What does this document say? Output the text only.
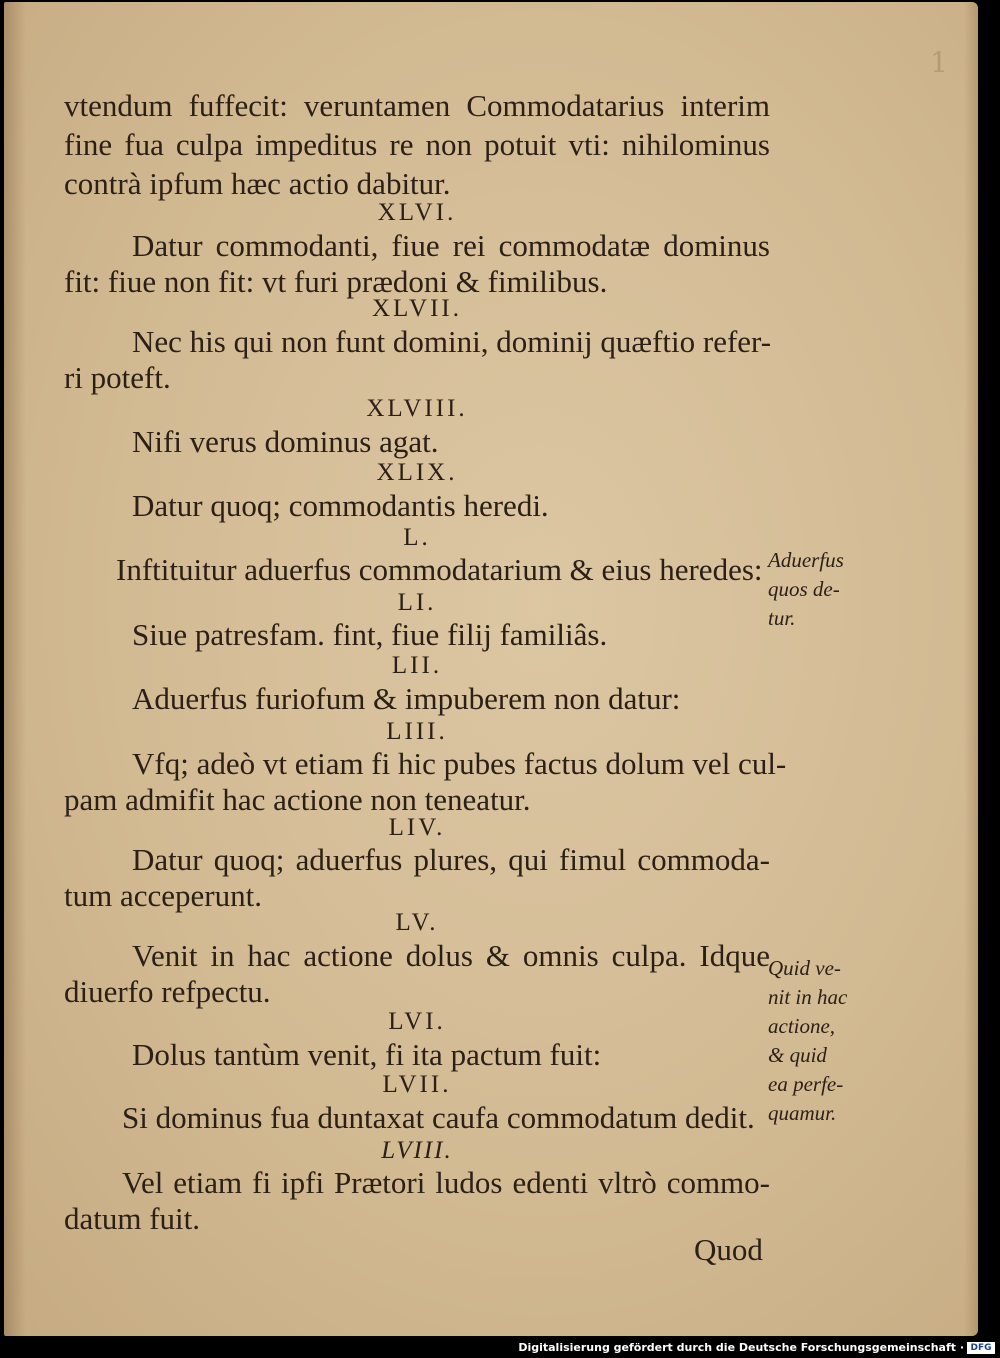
1
vtendum fuffecit: veruntamen Commodatarius interim
fine fua culpa impeditus re non potuit vti: nihilominus
contrà ipfum hæc actio dabitur.
XLVI.
Datur commodanti, fiue rei commodatæ dominus
fit: fiue non fit: vt furi prædoni & fimilibus.
XLVII.
Nec his qui non funt domini, dominij quæftio refer-
ri poteft.
XLVIII.
Nifi verus dominus agat.
XLIX.
Datur quoq; commodantis heredi.
L.
Inftituitur aduerfus commodatarium & eius heredes:
LI.
Siue patresfam. fint, fiue filij familiâs.
LII.
Aduerfus furiofum & impuberem non datur:
LIII.
Vfq; adeò vt etiam fi hic pubes factus dolum vel cul-
pam admifit hac actione non teneatur.
LIV.
Datur quoq; aduerfus plures, qui fimul commoda-
tum acceperunt.
LV.
Venit in hac actione dolus & omnis culpa. Idque
diuerfo refpectu.
LVI.
Dolus tantùm venit, fi ita pactum fuit:
LVII.
Si dominus fua duntaxat caufa commodatum dedit.
LVIII.
Vel etiam fi ipfi Prætori ludos edenti vltrò commo-
datum fuit.
Quod
Aduerfus
quos de-
tur.
Quid ve-
nit in hac
actione,
& quid
ea perfe-
quamur.
Digitalisierung gefördert durch die Deutsche Forschungsgemeinschaft · DFG
